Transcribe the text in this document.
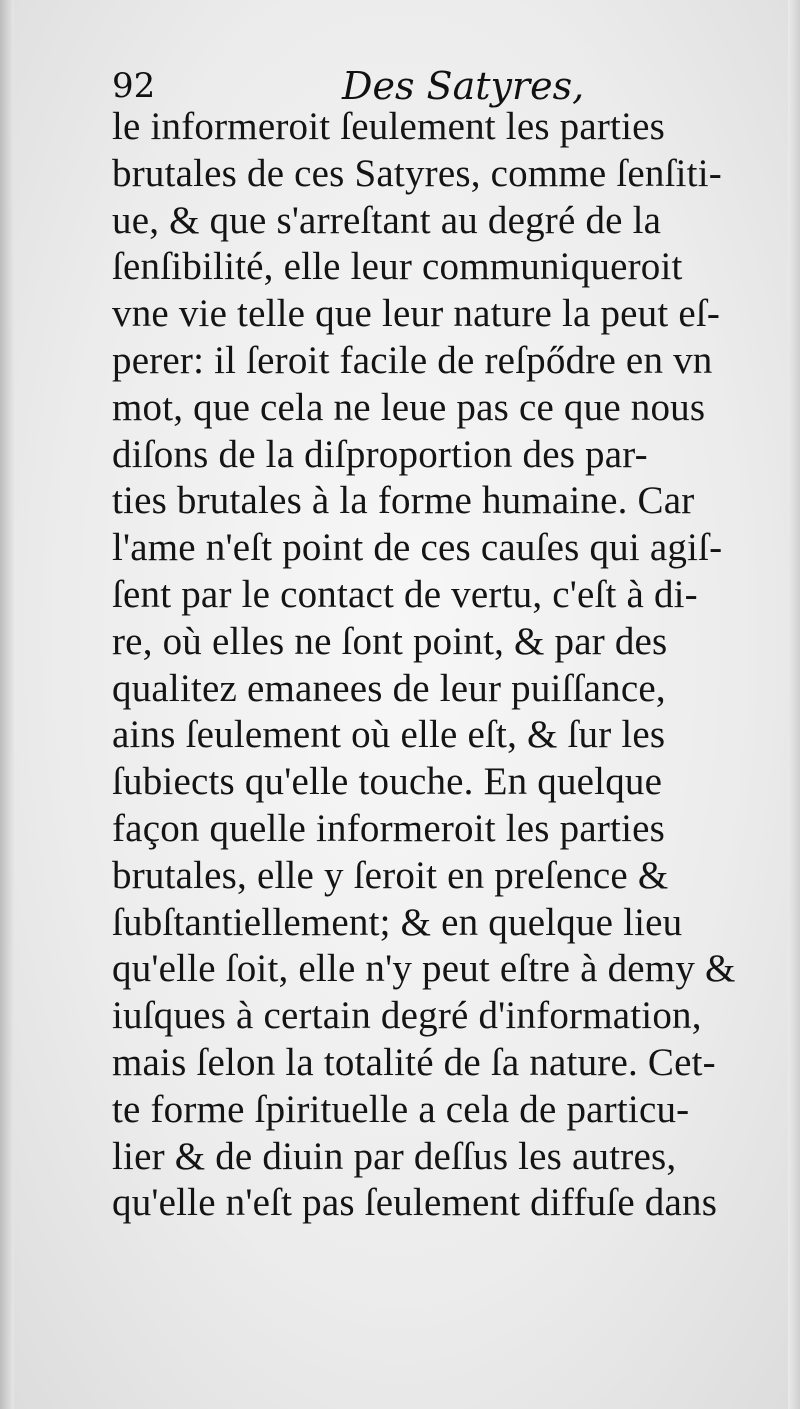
92	Des Satyres,
le informeroit ſeulement les parties
brutales de ces Satyres, comme ſenſiti-
ue, & que s'arreſtant au degré de la
ſenſibilité, elle leur communiqueroit
vne vie telle que leur nature la peut eſ-
perer: il ſeroit facile de reſpődre en vn
mot, que cela ne leue pas ce que nous
diſons de la diſproportion des par-
ties brutales à la forme humaine. Car
l'ame n'eſt point de ces cauſes qui agiſ-
ſent par le contact de vertu, c'eſt à di-
re, où elles ne ſont point, & par des
qualitez emanees de leur puiſſance,
ains ſeulement où elle eſt, & ſur les
ſubiects qu'elle touche. En quelque
façon quelle informeroit les parties
brutales, elle y ſeroit en preſence &
ſubſtantiellement; & en quelque lieu
qu'elle ſoit, elle n'y peut eſtre à demy &
iuſques à certain degré d'information,
mais ſelon la totalité de ſa nature. Cet-
te forme ſpirituelle a cela de particu-
lier & de diuin par deſſus les autres,
qu'elle n'eſt pas ſeulement diffuſe dans
